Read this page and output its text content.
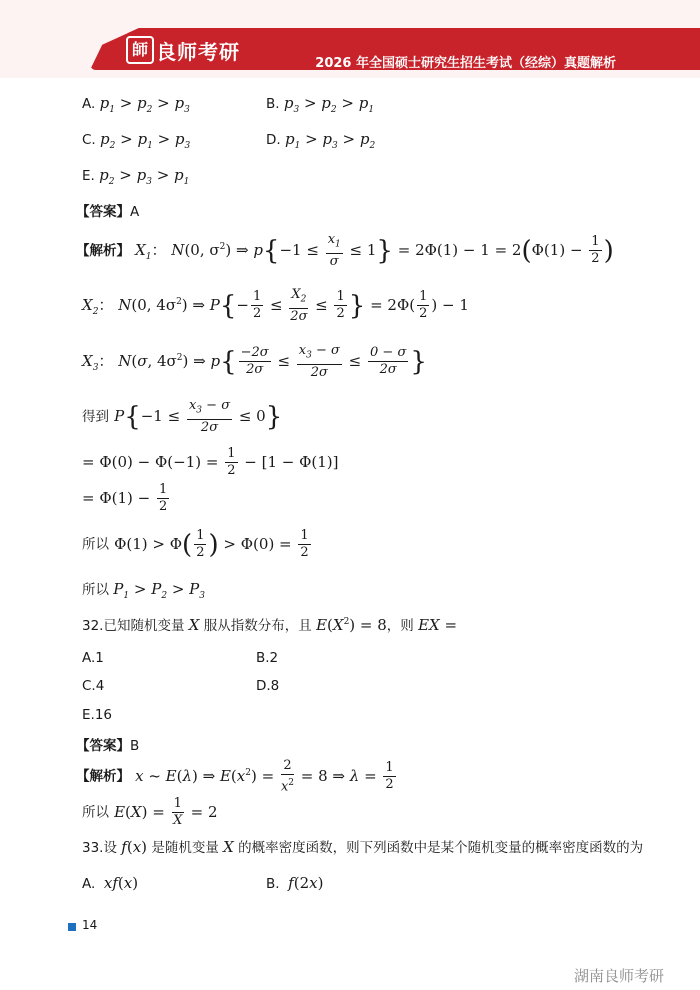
師 良师考研	2026 年全国硕士研究生招生考试（经综）真题解析
A. $p_1 > p_2 > p_3$	B. $p_3 > p_2 > p_1$
C. $p_2 > p_1 > p_3$	D. $p_1 > p_3 > p_2$
E. $p_2 > p_3 > p_1$
【答案】A
【解析】 $X_1$： N(0, $\sigma^2$) ⇒ $p\{-1 \le \frac{x_1}{\sigma} \le 1\} = 2\Phi(1) - 1 = 2(\Phi(1) - \frac{1}{2}$ )
$X_2$： N(0, $4\sigma^2$) ⇒ $P\{- \frac{1}{2} \le \frac{X_2}{2\sigma} \le \frac{1}{2}$ } = $2\Phi( \frac{1}{2}$ ) − 1
$X_3$： N(σ, $4\sigma^2$) ⇒ $p\{ \frac{-2\sigma}{2\sigma} \le \frac{x_3 - \sigma}{2\sigma} \le \frac{0 - \sigma}{2\sigma}$ }
得到 $P\{-1 \le \frac{x_3 - \sigma}{2\sigma} \le 0\}$
= $\Phi(0) - \Phi(-1) = \frac{1}{2} - [1 - \Phi(1)]$
= $\Phi(1) - \frac{1}{2}$
所以 $\Phi(1) > \Phi( \frac{1}{2}$ ) > $\Phi(0) = \frac{1}{2}$
所以 $P_1 > P_2 > P_3$
32.已知随机变量 X 服从指数分布，且 $E(X^2) = 8$，则 EX =
A.1	B.2
C.4	D.8
E.16
【答案】B
【解析】 x ~ E(λ) ⇒ $E(x^2) = \frac{2}{x^2} = 8$ ⇒ $\lambda = \frac{1}{2}$
所以 $E(X) = \frac{1}{X} = 2$
33.设 f(x) 是随机变量 X 的概率密度函数，则下列函数中是某个随机变量的概率密度函数的为
A. xf(x)	B. f(2x)
14
湖南良师考研
